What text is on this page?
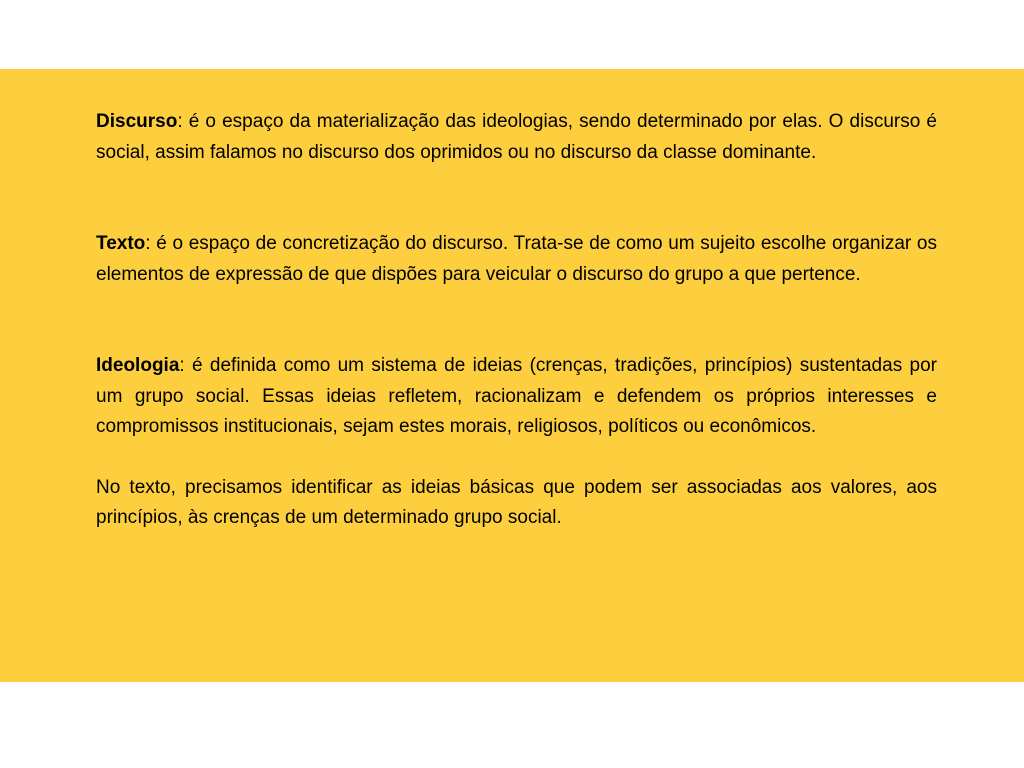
Discurso: é o espaço da materialização das ideologias, sendo determinado por elas. O discurso é social, assim falamos no discurso dos oprimidos ou no discurso da classe dominante.

Texto: é o espaço de concretização do discurso. Trata-se de como um sujeito escolhe organizar os elementos de expressão de que dispões para veicular o discurso do grupo a que pertence.

Ideologia: é definida como um sistema de ideias (crenças, tradições, princípios) sustentadas por um grupo social. Essas ideias refletem, racionalizam e defendem os próprios interesses e compromissos institucionais, sejam estes morais, religiosos, políticos ou econômicos.

No texto, precisamos identificar as ideias básicas que podem ser associadas aos valores, aos princípios, às crenças de um determinado grupo social.
